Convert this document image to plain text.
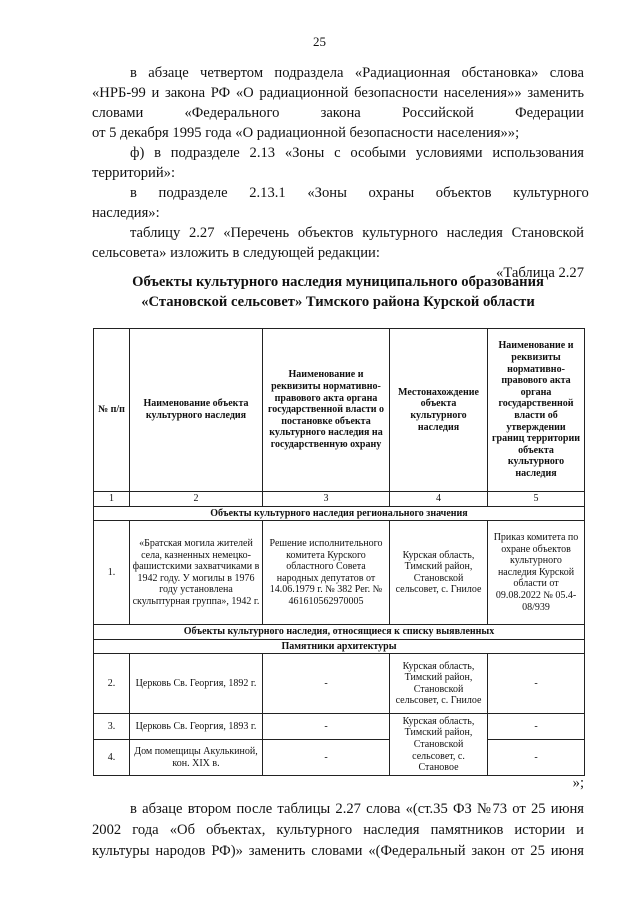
25
в абзаце четвертом подраздела «Радиационная обстановка» слова
«НРБ-99 и закона РФ «О радиационной безопасности населения»» заменить
словами «Федерального закона Российской Федерации
от 5 декабря 1995 года «О радиационной безопасности населения»»;
ф) в подразделе 2.13 «Зоны с особыми условиями использования
территорий»:
в подразделе 2.13.1 «Зоны охраны объектов культурного
наследия»:
таблицу 2.27 «Перечень объектов культурного наследия Становской
сельсовета» изложить в следующей редакции:
«Таблица 2.27
Объекты культурного наследия муниципального образования
«Становской сельсовет» Тимского района Курской области
№ п/п	Наименование объекта культурного наследия	Наименование и реквизиты нормативно-правового акта органа государственной власти о постановке объекта культурного наследия на государственную охрану	Местонахождение объекта культурного наследия	Наименование и реквизиты нормативно-правового акта органа государственной власти об утверждении границ территории объекта культурного наследия
1	2	3	4	5
Объекты культурного наследия регионального значения				
1.	«Братская могила жителей села, казненных немецко-фашистскими захватчиками в 1942 году. У могилы в 1976 году установлена скульптурная группа», 1942 г.	Решение исполнительного комитета Курского областного Совета народных депутатов от 14.06.1979 г. № 382 Рег. № 461610562970005	Курская область, Тимский район, Становской сельсовет, с. Гнилое	Приказ комитета по охране объектов культурного наследия Курской области от 09.08.2022 № 05.4-08/939
Объекты культурного наследия, относящиеся к списку выявленных				
Памятники архитектуры				
2.	Церковь Св. Георгия, 1892 г.	-	Курская область, Тимский район, Становской сельсовет, с. Гнилое	-
3.	Церковь Св. Георгия, 1893 г.	-	Курская область, Тимский район, Становской сельсовет, с. Становое	-
4.	Дом помещицы Акулькиной, кон. XIX в.	-		-
»;
в абзаце втором после таблицы 2.27 слова «(ст.35 ФЗ №73 от 25 июня
2002 года «Об объектах, культурного наследия памятников истории и
культуры народов РФ)» заменить словами «(Федеральный закон от 25 июня
